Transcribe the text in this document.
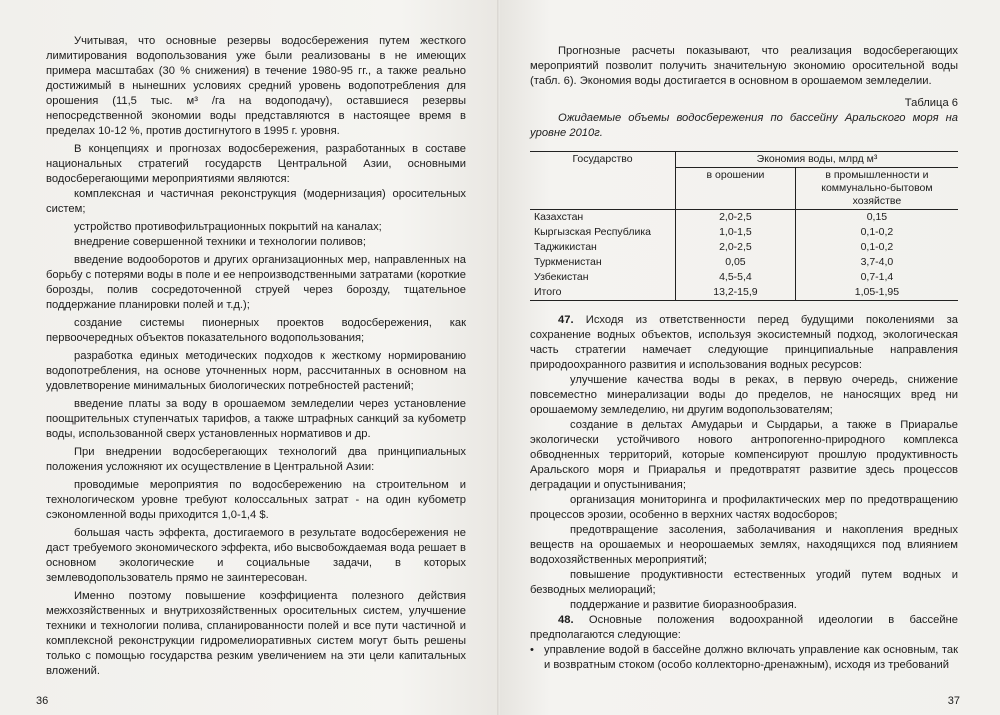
Учитывая, что основные резервы водосбережения путем жесткого лимитирования водопользования уже были реализованы в не имеющих примера масштабах (30 % снижения) в течение 1980-95 гг., а также реально достижимый в нынешних условиях средний уровень водопотребления для орошения (11,5 тыс. м³ /га на водоподачу), оставшиеся резервы непосредственной экономии воды представляются в настоящее время в пределах 10-12 %, против достигнутого в 1995 г. уровня.

В концепциях и прогнозах водосбережения, разработанных в составе национальных стратегий государств Центральной Азии, основными водосберегающими мероприятиями являются:

комплексная и частичная реконструкция (модернизация) оросительных систем;

устройство противофильтрационных покрытий на каналах;

внедрение совершенной техники и технологии поливов;

введение водооборотов и других организационных мер, направленных на борьбу с потерями воды в поле и ее непроизводственными затратами (короткие борозды, полив сосредоточенной струей через борозду, тщательное поддержание планировки полей и т.д.);

создание системы пионерных проектов водосбережения, как первоочередных объектов показательного водопользования;

разработка единых методических подходов к жесткому нормированию водопотребления, на основе уточненных норм, рассчитанных в основном на удовлетворение минимальных биологических потребностей растений;

введение платы за воду в орошаемом земледелии через установление поощрительных ступенчатых тарифов, а также штрафных санкций за кубометр воды, использованной сверх установленных нормативов и др.

При внедрении водосберегающих технологий два принципиальных положения усложняют их осуществление в Центральной Азии:

проводимые мероприятия по водосбережению на строительном и технологическом уровне требуют колоссальных затрат - на один кубометр сэкономленной воды приходится 1,0-1,4 $.

большая часть эффекта, достигаемого в результате водосбережения не даст требуемого экономического эффекта, ибо высвобождаемая вода решает в основном экологические и социальные задачи, в которых землеводопользователь прямо не заинтересован.

Именно поэтому повышение коэффициента полезного действия межхозяйственных и внутрихозяйственных оросительных систем, улучшение техники и технологии полива, спланированности полей и все пути частичной и комплексной реконструкции гидромелиоративных систем могут быть решены только с помощью государства резким увеличением на эти цели капитальных вложений.

36

Прогнозные расчеты показывают, что реализация водосберегающих мероприятий позволит получить значительную экономию оросительной воды (табл. 6). Экономия воды достигается в основном в орошаемом земледелии.

Таблица 6

Ожидаемые объемы водосбережения по бассейну Аральского моря на уровне 2010г.

Государство	Экономия воды, млрд м³	
	в орошении	в промышленности и коммунально-бытовом хозяйстве
Казахстан	2,0-2,5	0,15
Кыргызская Республика	1,0-1,5	0,1-0,2
Таджикистан	2,0-2,5	0,1-0,2
Туркменистан	0,05	3,7-4,0
Узбекистан	4,5-5,4	0,7-1,4
Итого	13,2-15,9	1,05-1,95

47. Исходя из ответственности перед будущими поколениями за сохранение водных объектов, используя экосистемный подход, экологическая часть стратегии намечает следующие принципиальные направления природоохранного развития и использования водных ресурсов:

улучшение качества воды в реках, в первую очередь, снижение повсеместно минерализации воды до пределов, не наносящих вред ни орошаемому земледелию, ни другим водопользователям;

создание в дельтах Амударьи и Сырдарьи, а также в Приаралье экологически устойчивого нового антропогенно-природного комплекса обводненных территорий, которые компенсируют прошлую продуктивность Аральского моря и Приаралья и предотвратят развитие здесь процессов деградации и опустынивания;

организация мониторинга и профилактических мер по предотвращению процессов эрозии, особенно в верхних частях водосборов;

предотвращение засоления, заболачивания и накопления вредных веществ на орошаемых и неорошаемых землях, находящихся под влиянием водохозяйственных мероприятий;

повышение продуктивности естественных угодий путем водных и безводных мелиораций;

поддержание и развитие биоразнообразия.

48. Основные положения водоохранной идеологии в бассейне предполагаются следующие:

• управление водой в бассейне должно включать управление как основным, так и возвратным стоком (особо коллекторно-дренажным), исходя из требований

37
